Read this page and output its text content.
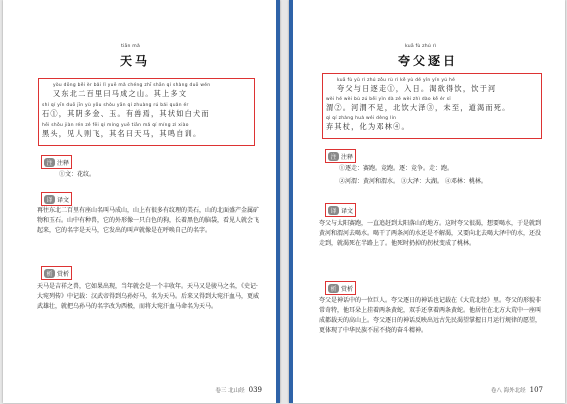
tiān mǎ
天马
yòu dōng běi èr bǎi lǐ yuē mǎ chéng zhī shān qí shàng duō wén
又东北二百里曰马成之山。其上多文
shí qí yīn duō jīn yù yǒu shòu yān qí zhuàng rú bái quǎn ér
石①，其阴多金、玉。有兽焉，其状如白犬而
hēi shǒu jiàn rén zé fēi qí míng yuē tiān mǎ qí míng zì xiào
黑头，见人则飞，其名曰天马，其鸣自训。
注 注释
①文：花纹。
译 译文
再往东北二百里有座山名叫马成山，山上有很多有纹理的美石，山的北面盛产金属矿物和玉石。山中有种兽，它的外形像一只白色的狗，长着黑色的脑袋，看见人就会飞起来，它的名字是天马，它发出的叫声就像是在呼唤自己的名字。
析 赏析
天马是吉祥之兽，它如果出现，当年就会是一个丰收年。天马又是骏马之名，《史记·大宛列传》中记载：汉武帝得到乌孙好马，名为天马。后来又得到大宛汗血马，更威武雄壮，就把乌孙马的名字改为西极，而将大宛汗血马命名为天马。
卷三 北山经 039
kuā fù zhú rì
夸父逐日
kuā fù yǔ rì zhú zǒu rù rì kě yù dé yǐn yǐn yú hé
夸父与日逐走①，入日。渴欲得饮，饮于河
wèi hé wèi bù zú běi yǐn dà zé wèi zhì dào kě ér sǐ
渭②。河渭不足，北饮大泽③，未至，道渴而死。
qì qí zhàng huà wéi dèng lín
弃其杖，化为邓林④。
注 注释
①逐走：赛跑。竞跑。逐：竞争。走：跑。
②河渭：黄河和渭水。 ③大泽：大湖。 ④邓林：桃林。
译 译文
夸父与太阳赛跑，一直追赶到太阳落山的地方。这时夸父很渴，想要喝水，于是就到黄河和渭河去喝水。喝干了两条河的水还是不解渴，又要向北去喝大泽中的水，还没走到，就渴死在半路上了。他死时扔掉的拐杖变成了桃林。
析 赏析
夸父是神话中的一位巨人。夸父逐日的神话也记载在《大荒北经》里。夸父的形貌非常奇特，他耳朵上挂着两条黄蛇，双手还拿着两条黄蛇。他居住在北方大荒中一座叫成都载天的高山上。夸父逐日的神话反映出远古先民渴望掌握日月运行规律的愿望，更体现了中华民族不屈不挠的奋斗精神。
卷八 海外北经 107
